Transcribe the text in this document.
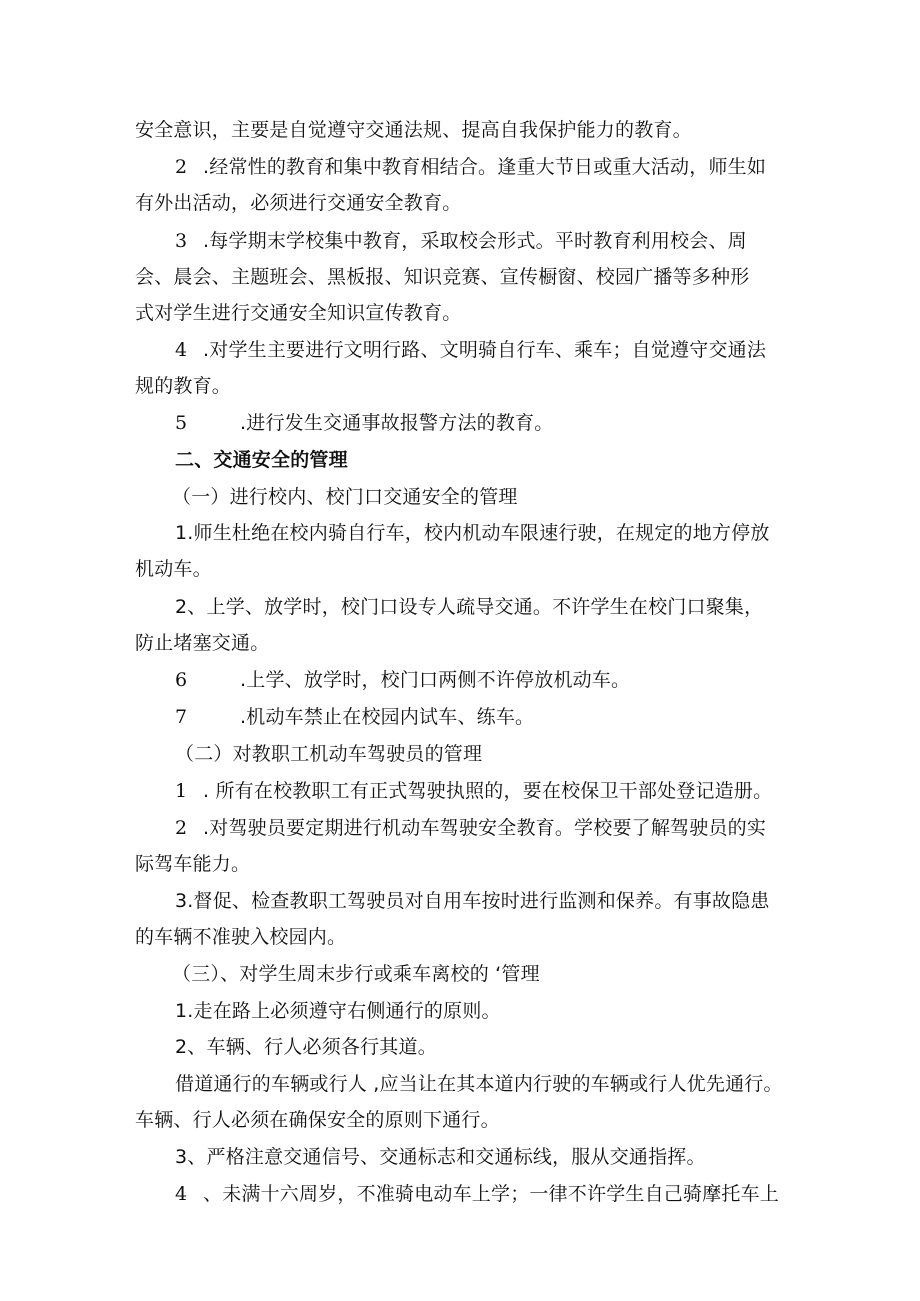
安全意识，主要是自觉遵守交通法规、提高自我保护能力的教育。
2 .经常性的教育和集中教育相结合。逢重大节日或重大活动，师生如
有外出活动，必须进行交通安全教育。
3 .每学期末学校集中教育，采取校会形式。平时教育利用校会、周
会、晨会、主题班会、黑板报、知识竞赛、宣传橱窗、校园广播等多种形
式对学生进行交通安全知识宣传教育。
4 .对学生主要进行文明行路、文明骑自行车、乘车；自觉遵守交通法
规的教育。
5	.进行发生交通事故报警方法的教育。
二、交通安全的管理
（一）进行校内、校门口交通安全的管理
1.师生杜绝在校内骑自行车，校内机动车限速行驶，在规定的地方停放
机动车。
2、上学、放学时，校门口设专人疏导交通。不许学生在校门口聚集，
防止堵塞交通。
6	.上学、放学时，校门口两侧不许停放机动车。
7	.机动车禁止在校园内试车、练车。
（二）对教职工机动车驾驶员的管理
1 . 所有在校教职工有正式驾驶执照的，要在校保卫干部处登记造册。
2 .对驾驶员要定期进行机动车驾驶安全教育。学校要了解驾驶员的实
际驾车能力。
3.督促、检查教职工驾驶员对自用车按时进行监测和保养。有事故隐患
的车辆不准驶入校园内。
（三）、对学生周末步行或乘车离校的 ‘管理
1.走在路上必须遵守右侧通行的原则。
2、车辆、行人必须各行其道。
借道通行的车辆或行人 ,应当让在其本道内行驶的车辆或行人优先通行。
车辆、行人必须在确保安全的原则下通行。
3、严格注意交通信号、交通标志和交通标线，服从交通指挥。
4 、未满十六周岁，不准骑电动车上学；一律不许学生自己骑摩托车上
